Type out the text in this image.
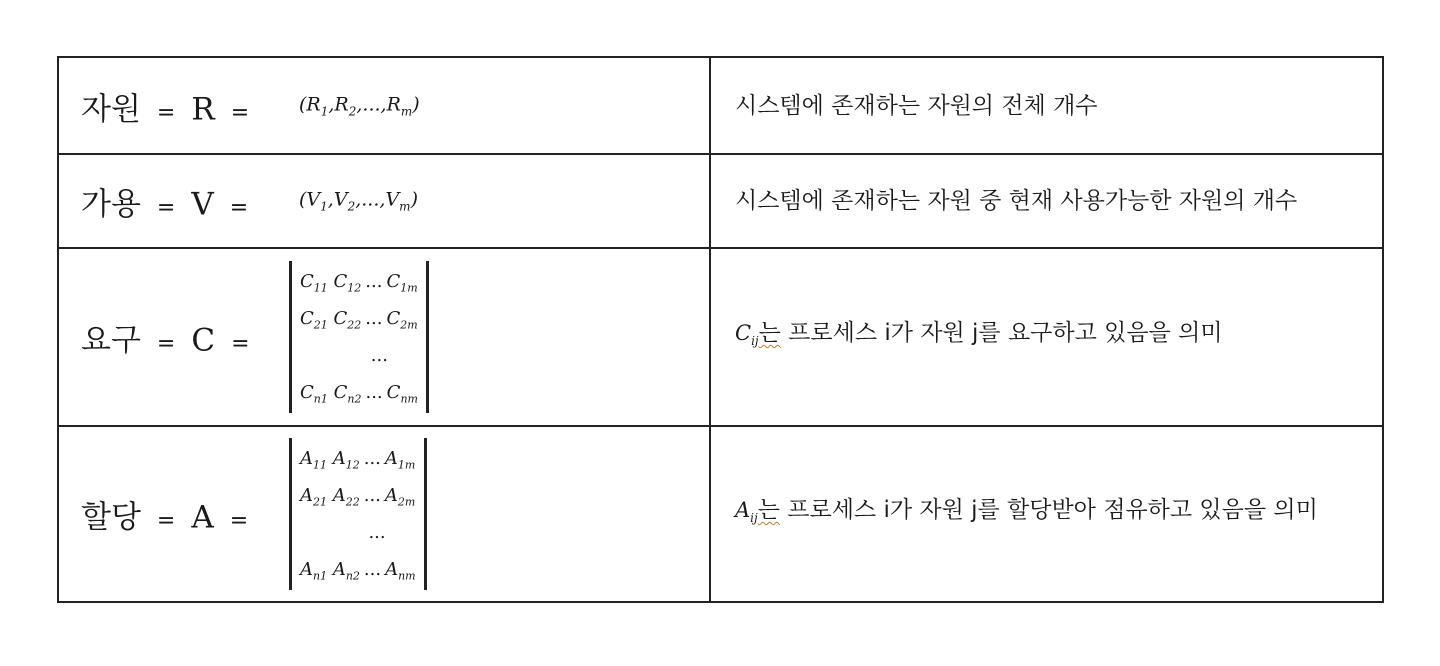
자원 = $R = (R_1,R_2,...,R_m)$	시스템에 존재하는 자원의 전체 개수

가용 = $V = (V_1,V_2,...,V_m)$	시스템에 존재하는 자원 중 현재 사용가능한 자원의 개수

요구 = C =
$C_{11}$ $C_{12}$ ... $C_{1m}$
$C_{21}$ $C_{22}$ ... $C_{2m}$
...
$C_{n1}$ $C_{n2}$ ... $C_{nm}$	$C_{ij}$는 프로세스 i가 자원 j를 요구하고 있음을 의미

할당 = A =
$A_{11}$ $A_{12}$ ... $A_{1m}$
$A_{21}$ $A_{22}$ ... $A_{2m}$
...
$A_{n1}$ $A_{n2}$ ... $A_{nm}$	$A_{ij}$는 프로세스 i가 자원 j를 할당받아 점유하고 있음을 의미
